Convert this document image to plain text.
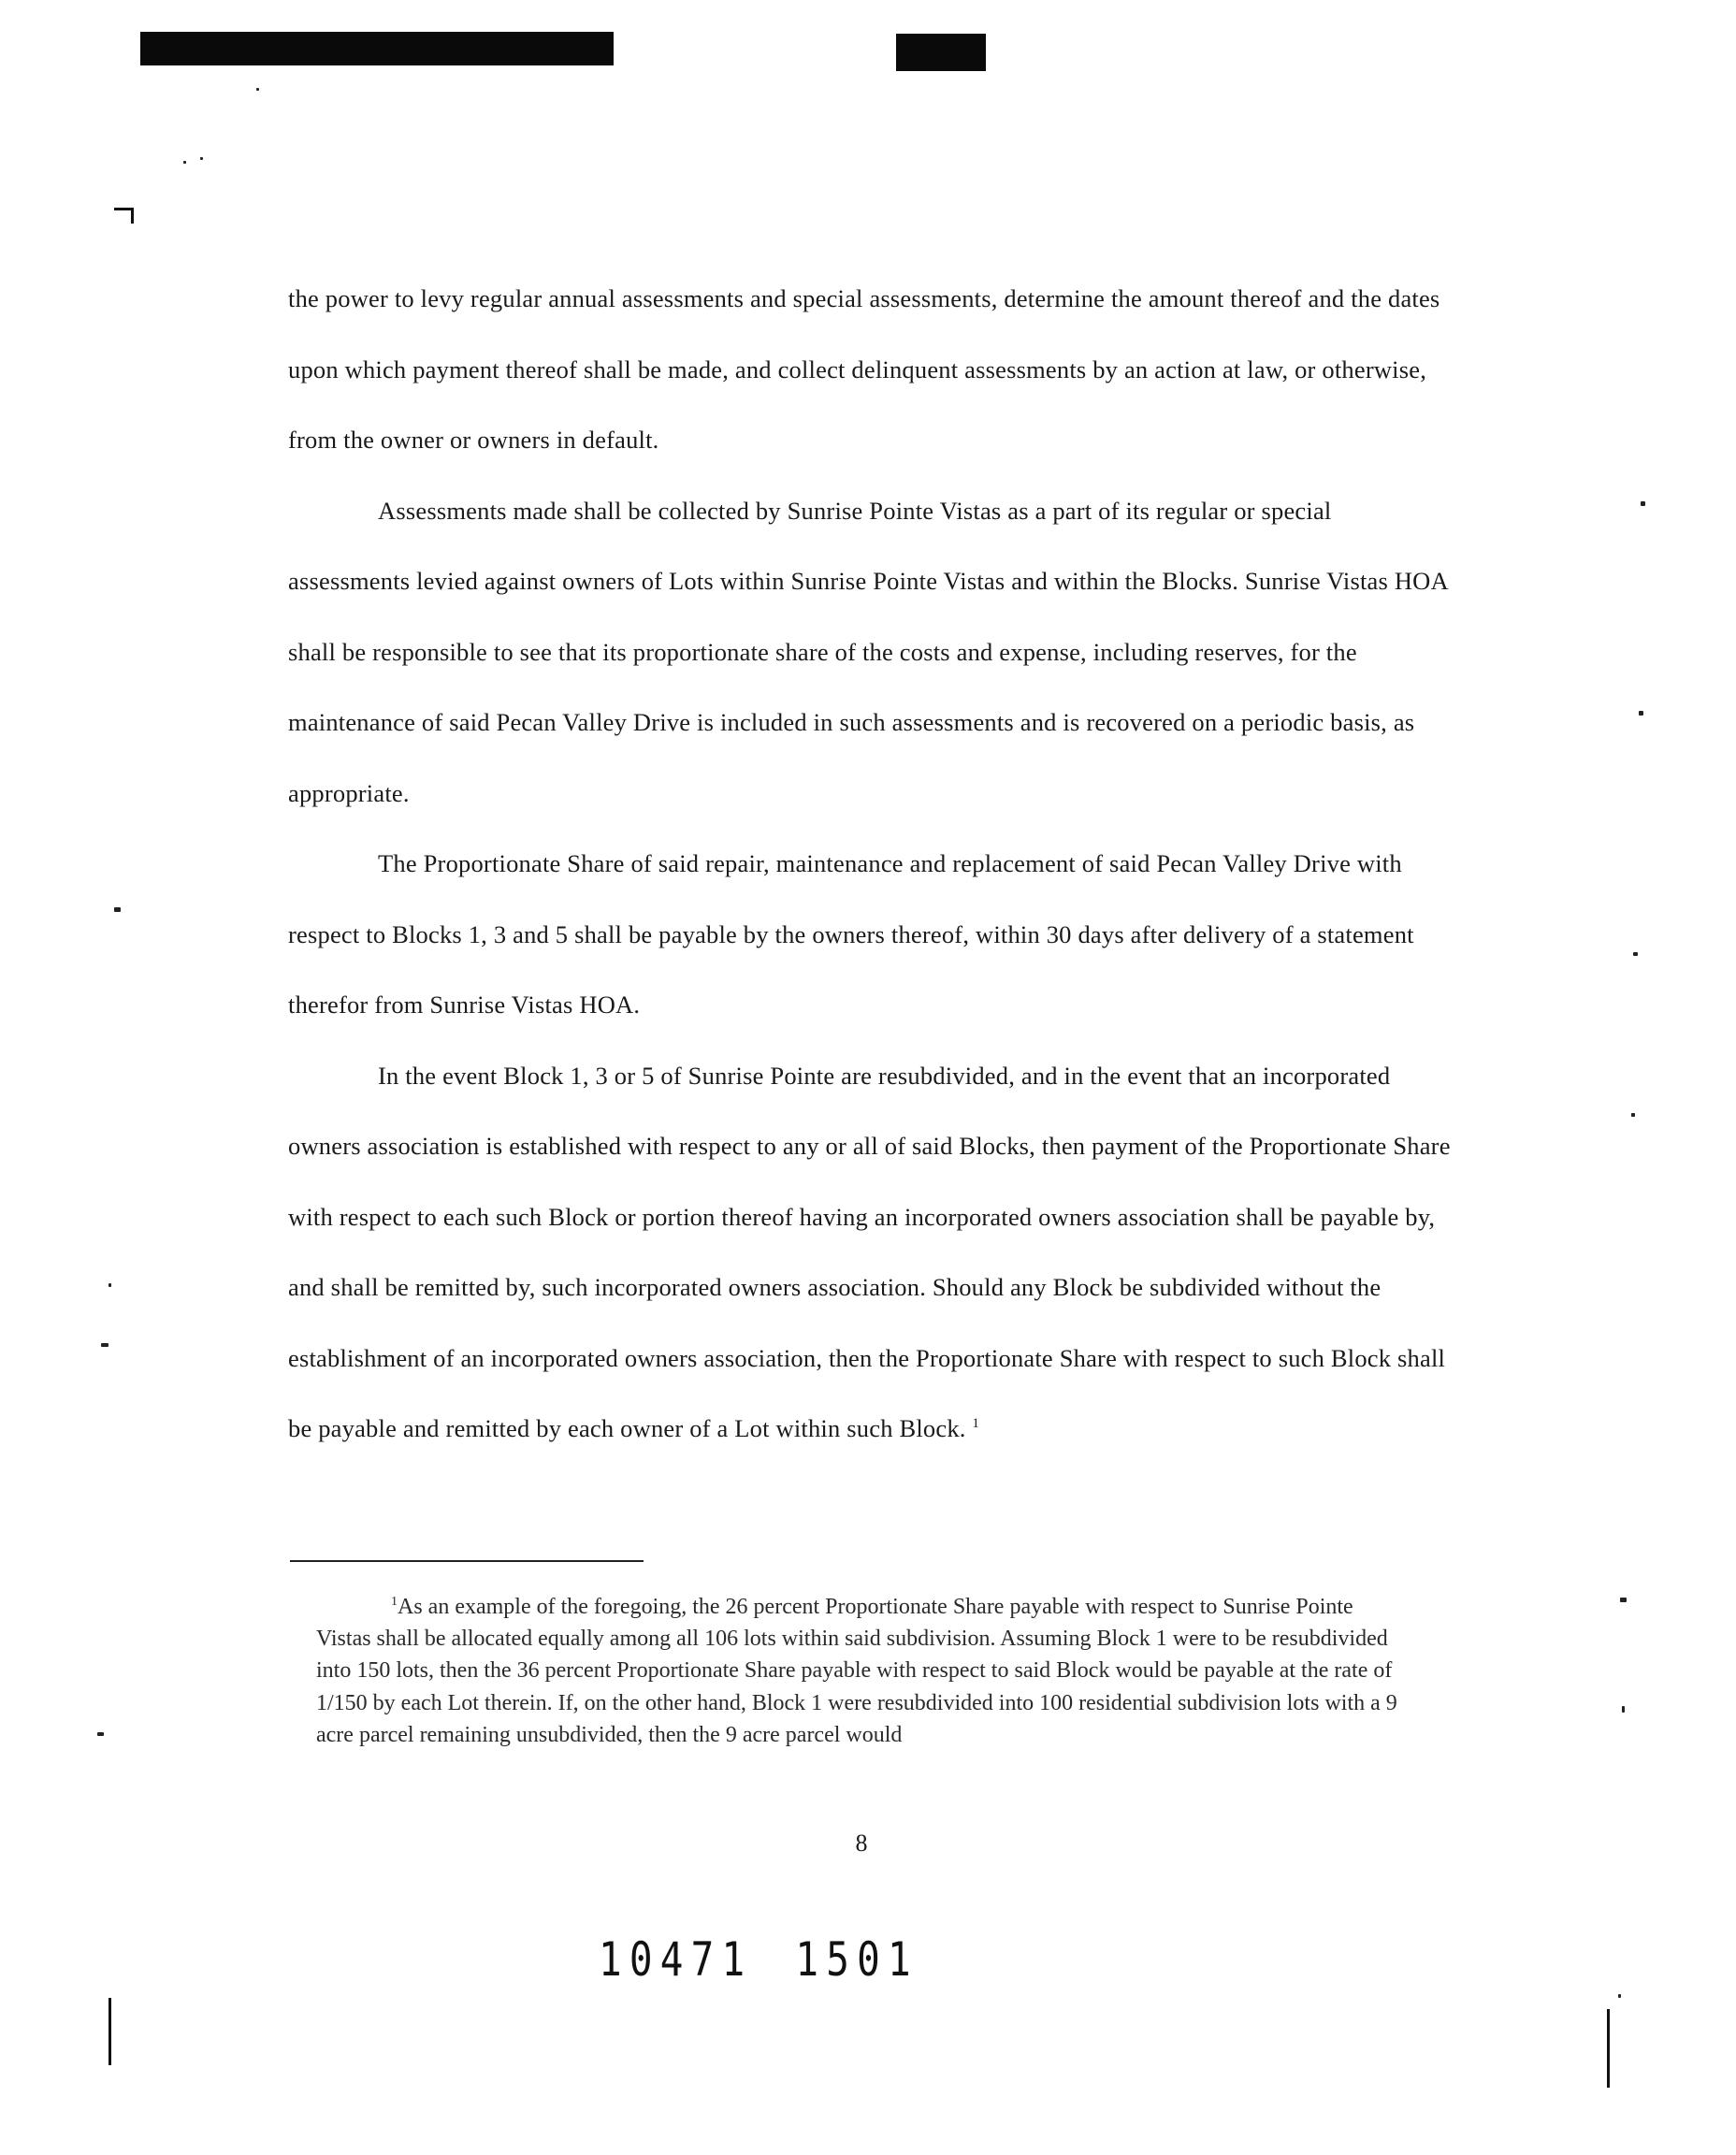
the power to levy regular annual assessments and special assessments, determine the amount thereof and the dates upon which payment thereof shall be made, and collect delinquent assessments by an action at law, or otherwise, from the owner or owners in default.

Assessments made shall be collected by Sunrise Pointe Vistas as a part of its regular or special assessments levied against owners of Lots within Sunrise Pointe Vistas and within the Blocks. Sunrise Vistas HOA shall be responsible to see that its proportionate share of the costs and expense, including reserves, for the maintenance of said Pecan Valley Drive is included in such assessments and is recovered on a periodic basis, as appropriate.

The Proportionate Share of said repair, maintenance and replacement of said Pecan Valley Drive with respect to Blocks 1, 3 and 5 shall be payable by the owners thereof, within 30 days after delivery of a statement therefor from Sunrise Vistas HOA.

In the event Block 1, 3 or 5 of Sunrise Pointe are resubdivided, and in the event that an incorporated owners association is established with respect to any or all of said Blocks, then payment of the Proportionate Share with respect to each such Block or portion thereof having an incorporated owners association shall be payable by, and shall be remitted by, such incorporated owners association. Should any Block be subdivided without the establishment of an incorporated owners association, then the Proportionate Share with respect to such Block shall be payable and remitted by each owner of a Lot within such Block. $^1$

$^1$As an example of the foregoing, the 26 percent Proportionate Share payable with respect to Sunrise Pointe Vistas shall be allocated equally among all 106 lots within said subdivision. Assuming Block 1 were to be resubdivided into 150 lots, then the 36 percent Proportionate Share payable with respect to said Block would be payable at the rate of 1/150 by each Lot therein. If, on the other hand, Block 1 were resubdivided into 100 residential subdivision lots with a 9 acre parcel remaining unsubdivided, then the 9 acre parcel would

8
10471 1501
